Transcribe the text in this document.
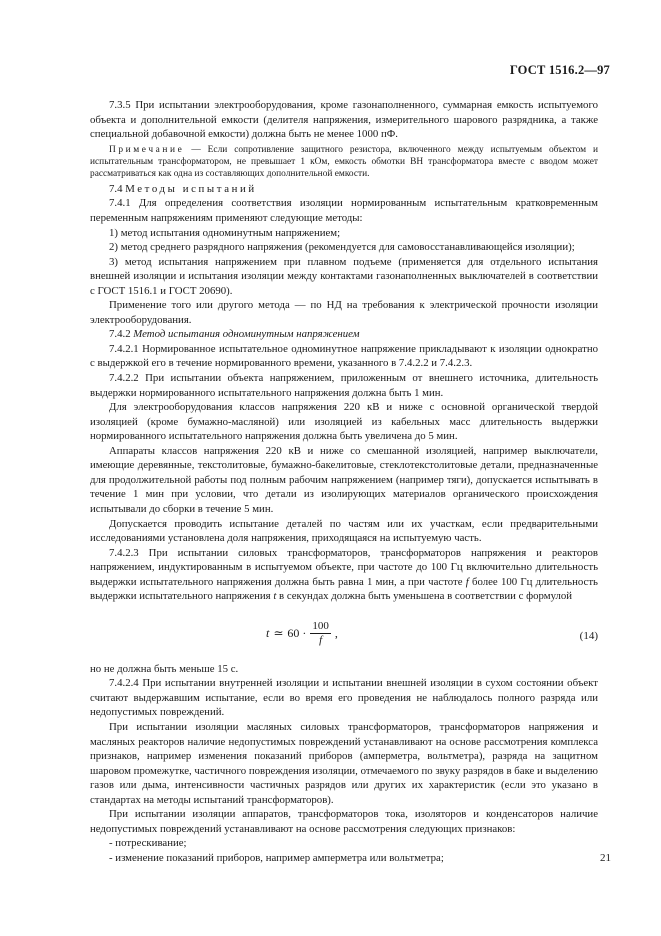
ГОСТ 1516.2—97

7.3.5 При испытании электрооборудования, кроме газонаполненного, суммарная емкость испытуемого объекта и дополнительной емкости (делителя напряжения, измерительного шарового разрядника, а также специальной добавочной емкости) должна быть не менее 1000 пФ.

Примечание — Если сопротивление защитного резистора, включенного между испытуемым объектом и испытательным трансформатором, не превышает 1 кОм, емкость обмотки ВН трансформатора вместе с вводом может рассматриваться как одна из составляющих дополнительной емкости.

7.4 Методы испытаний

7.4.1 Для определения соответствия изоляции нормированным испытательным кратковременным переменным напряжениям применяют следующие методы:

1) метод испытания одноминутным напряжением;

2) метод среднего разрядного напряжения (рекомендуется для самовосстанавливающейся изоляции);

3) метод испытания напряжением при плавном подъеме (применяется для отдельного испытания внешней изоляции и испытания изоляции между контактами газонаполненных выключателей в соответствии с ГОСТ 1516.1 и ГОСТ 20690).

Применение того или другого метода — по НД на требования к электрической прочности изоляции электрооборудования.

7.4.2 Метод испытания одноминутным напряжением

7.4.2.1 Нормированное испытательное одноминутное напряжение прикладывают к изоляции однократно с выдержкой его в течение нормированного времени, указанного в 7.4.2.2 и 7.4.2.3.

7.4.2.2 При испытании объекта напряжением, приложенным от внешнего источника, длительность выдержки нормированного испытательного напряжения должна быть 1 мин.

Для электрооборудования классов напряжения 220 кВ и ниже с основной органической твердой изоляцией (кроме бумажно-масляной) или изоляцией из кабельных масс длительность выдержки нормированного испытательного напряжения должна быть увеличена до 5 мин.

Аппараты классов напряжения 220 кВ и ниже со смешанной изоляцией, например выключатели, имеющие деревянные, текстолитовые, бумажно-бакелитовые, стеклотекстолитовые детали, предназначенные для продолжительной работы под полным рабочим напряжением (например тяги), допускается испытывать в течение 1 мин при условии, что детали из изолирующих материалов органического происхождения испытывали до сборки в течение 5 мин.

Допускается проводить испытание деталей по частям или их участкам, если предварительными исследованиями установлена доля напряжения, приходящаяся на испытуемую часть.

7.4.2.3 При испытании силовых трансформаторов, трансформаторов напряжения и реакторов напряжением, индуктированным в испытуемом объекте, при частоте до 100 Гц включительно длительность выдержки испытательного напряжения должна быть равна 1 мин, а при частоте f более 100 Гц длительность выдержки испытательного напряжения t в секундах должна быть уменьшена в соответствии с формулой

t ≃ $60 \cdot \frac{100}{f}$ ,	(14)

но не должна быть меньше 15 с.

7.4.2.4 При испытании внутренней изоляции и испытании внешней изоляции в сухом состоянии объект считают выдержавшим испытание, если во время его проведения не наблюдалось полного разряда или недопустимых повреждений.

При испытании изоляции масляных силовых трансформаторов, трансформаторов напряжения и масляных реакторов наличие недопустимых повреждений устанавливают на основе рассмотрения комплекса признаков, например изменения показаний приборов (амперметра, вольтметра), разряда на защитном шаровом промежутке, частичного повреждения изоляции, отмечаемого по звуку разрядов в баке и выделению газов или дыма, интенсивности частичных разрядов или других их характеристик (если это указано в стандартах на методы испытаний трансформаторов).

При испытании изоляции аппаратов, трансформаторов тока, изоляторов и конденсаторов наличие недопустимых повреждений устанавливают на основе рассмотрения следующих признаков:

- потрескивание;

- изменение показаний приборов, например амперметра или вольтметра;	21
